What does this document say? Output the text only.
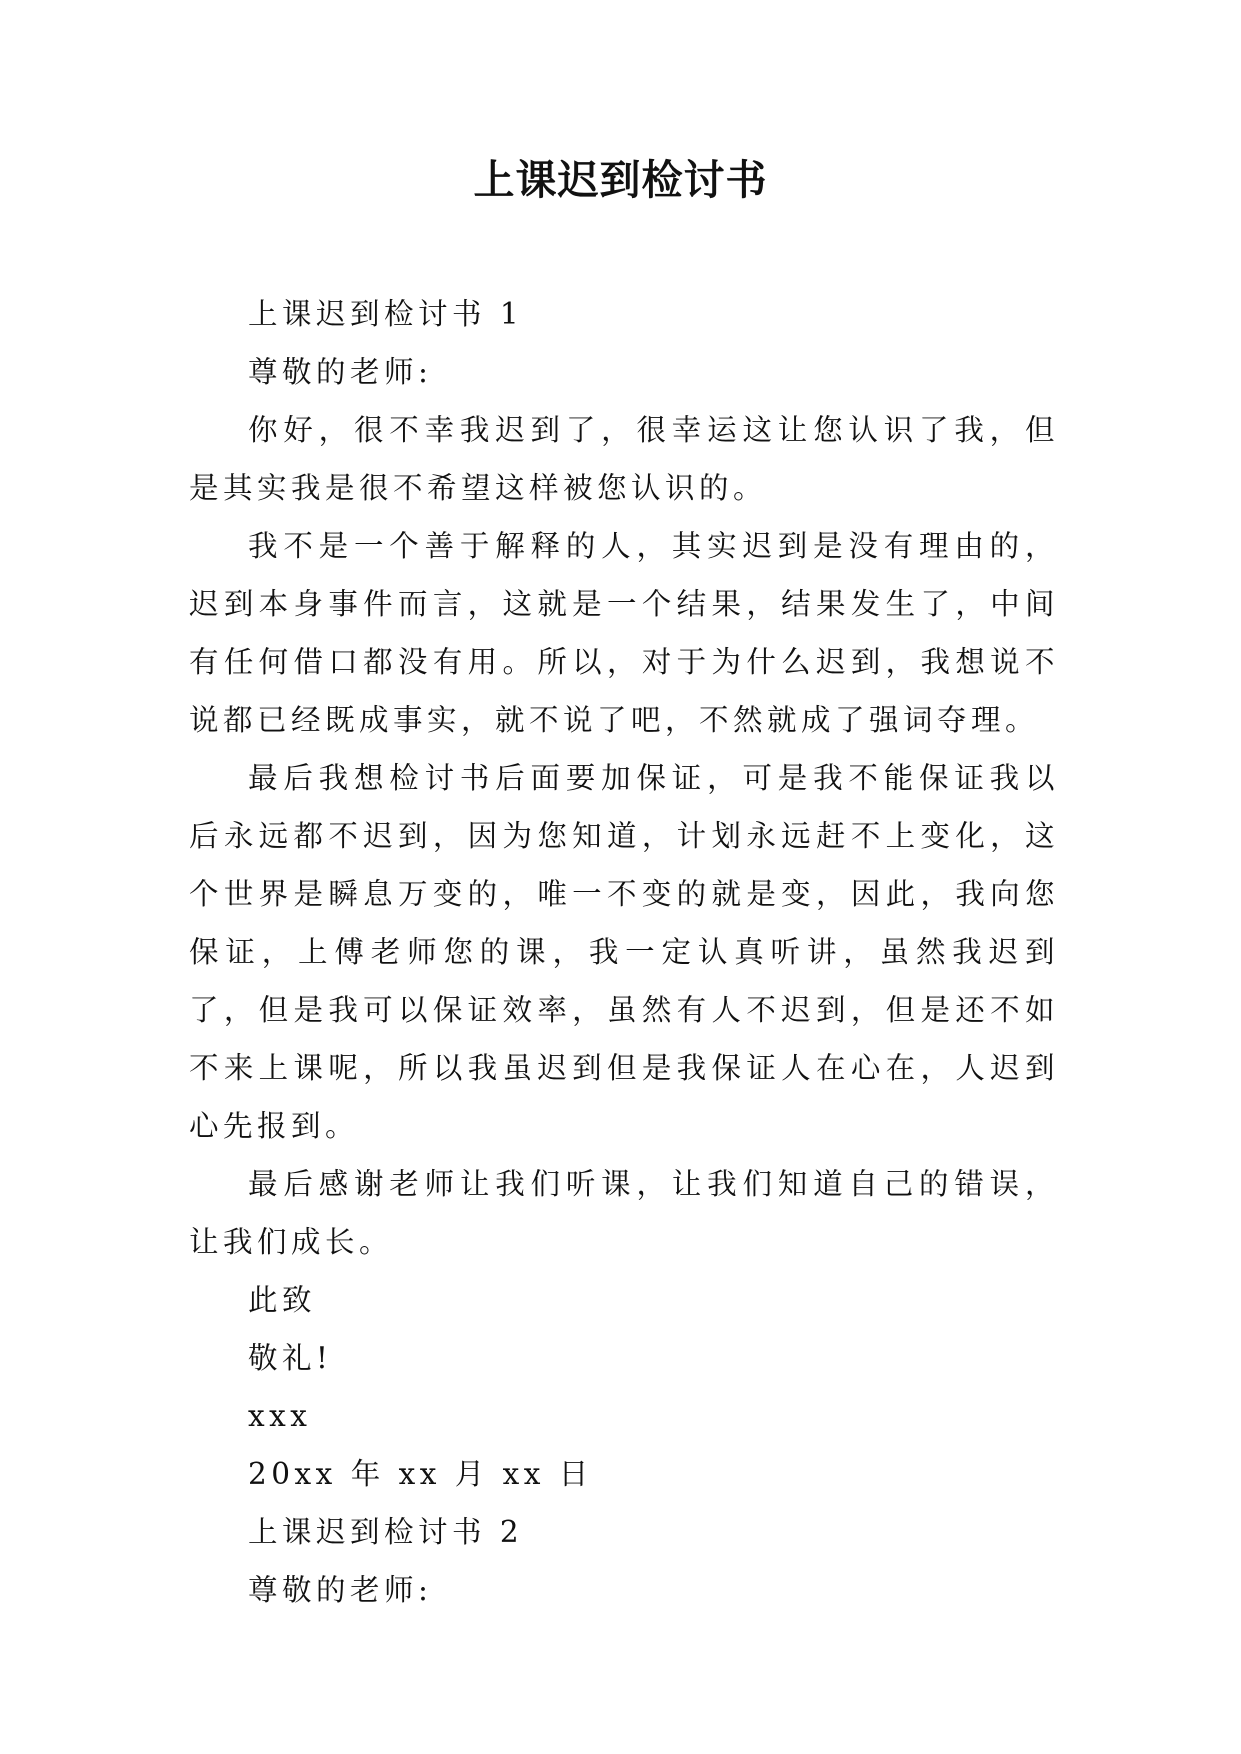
上课迟到检讨书

上课迟到检讨书 1

尊敬的老师:

你好，很不幸我迟到了，很幸运这让您认识了我，但是其实我是很不希望这样被您认识的。

我不是一个善于解释的人，其实迟到是没有理由的，迟到本身事件而言，这就是一个结果，结果发生了，中间有任何借口都没有用。所以，对于为什么迟到，我想说不说都已经既成事实，就不说了吧，不然就成了强词夺理。

最后我想检讨书后面要加保证，可是我不能保证我以后永远都不迟到，因为您知道，计划永远赶不上变化，这个世界是瞬息万变的，唯一不变的就是变，因此，我向您保证，上傅老师您的课，我一定认真听讲，虽然我迟到了，但是我可以保证效率，虽然有人不迟到，但是还不如不来上课呢，所以我虽迟到但是我保证人在心在，人迟到心先报到。

最后感谢老师让我们听课，让我们知道自己的错误，让我们成长。

此致

敬礼!

xxx

20xx 年 xx 月 xx 日

上课迟到检讨书 2

尊敬的老师:
